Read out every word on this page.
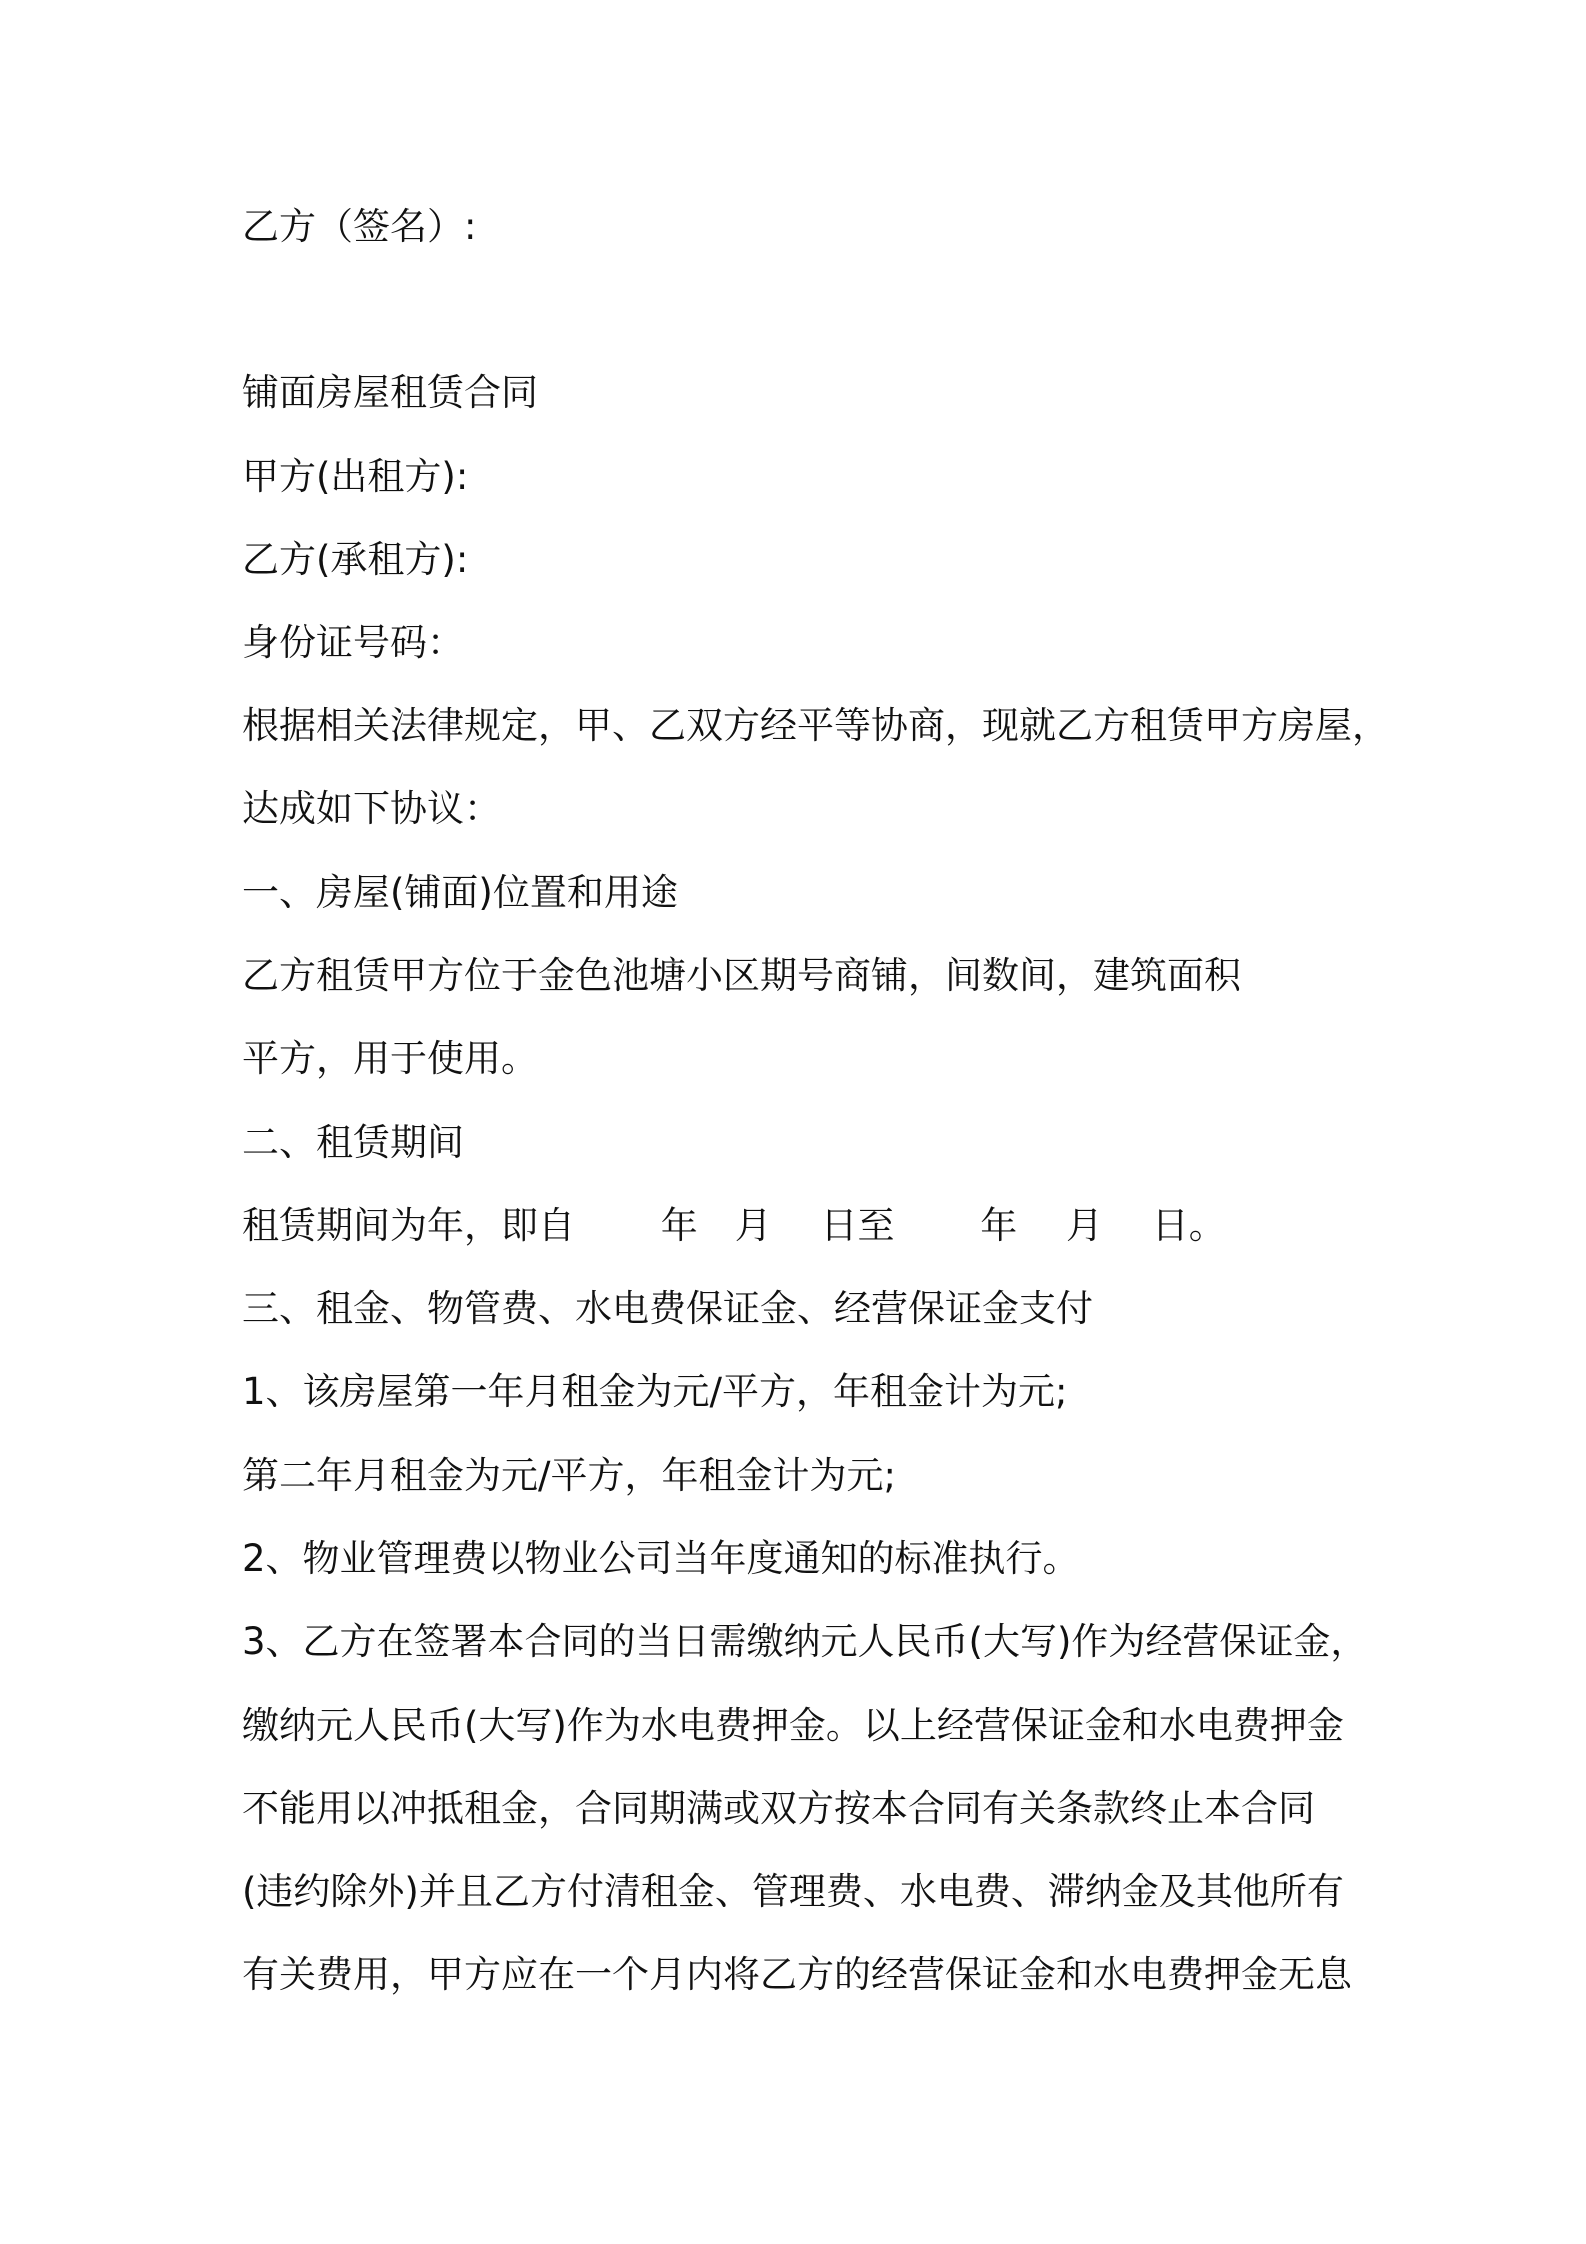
乙方（签名）:

铺面房屋租赁合同

甲方(出租方):

乙方(承租方):

身份证号码：

根据相关法律规定，甲、乙双方经平等协商，现就乙方租赁甲方房屋，

达成如下协议：

一、房屋(铺面)位置和用途

乙方租赁甲方位于金色池塘小区期号商铺，间数间，建筑面积

平方，用于使用。

二、租赁期间

租赁期间为年，即自　　 年　月　 日至　　 年　 月　 日。

三、租金、物管费、水电费保证金、经营保证金支付

1、该房屋第一年月租金为元/平方，年租金计为元;

第二年月租金为元/平方，年租金计为元;

2、物业管理费以物业公司当年度通知的标准执行。

3、乙方在签署本合同的当日需缴纳元人民币(大写)作为经营保证金，

缴纳元人民币(大写)作为水电费押金。以上经营保证金和水电费押金

不能用以冲抵租金，合同期满或双方按本合同有关条款终止本合同

(违约除外)并且乙方付清租金、管理费、水电费、滞纳金及其他所有

有关费用，甲方应在一个月内将乙方的经营保证金和水电费押金无息
